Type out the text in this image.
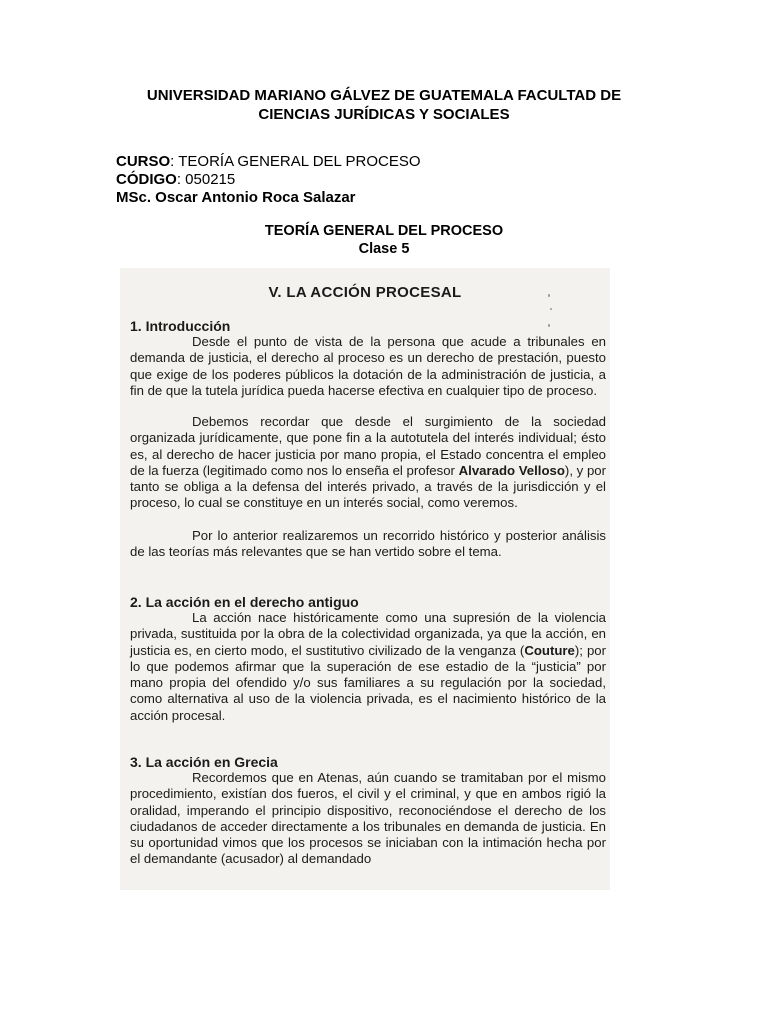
UNIVERSIDAD MARIANO GÁLVEZ DE GUATEMALA FACULTAD DE CIENCIAS JURÍDICAS Y SOCIALES
CURSO: TEORÍA GENERAL DEL PROCESO
CÓDIGO: 050215
MSc. Oscar Antonio Roca Salazar
TEORÍA GENERAL DEL PROCESO
Clase 5
V. LA ACCIÓN PROCESAL
1. Introducción
Desde el punto de vista de la persona que acude a tribunales en demanda de justicia, el derecho al proceso es un derecho de prestación, puesto que exige de los poderes públicos la dotación de la administración de justicia, a fin de que la tutela jurídica pueda hacerse efectiva en cualquier tipo de proceso.
Debemos recordar que desde el surgimiento de la sociedad organizada jurídicamente, que pone fin a la autotutela del interés individual; ésto es, al derecho de hacer justicia por mano propia, el Estado concentra el empleo de la fuerza (legitimado como nos lo enseña el profesor Alvarado Velloso), y por tanto se obliga a la defensa del interés privado, a través de la jurisdicción y el proceso, lo cual se constituye en un interés social, como veremos.
Por lo anterior realizaremos un recorrido histórico y posterior análisis de las teorías más relevantes que se han vertido sobre el tema.
2. La acción en el derecho antiguo
La acción nace históricamente como una supresión de la violencia privada, sustituida por la obra de la colectividad organizada, ya que la acción, en justicia es, en cierto modo, el sustitutivo civilizado de la venganza (Couture); por lo que podemos afirmar que la superación de ese estadio de la “justicia” por mano propia del ofendido y/o sus familiares a su regulación por la sociedad, como alternativa al uso de la violencia privada, es el nacimiento histórico de la acción procesal.
3. La acción en Grecia
Recordemos que en Atenas, aún cuando se tramitaban por el mismo procedimiento, existían dos fueros, el civil y el criminal, y que en ambos rigió la oralidad, imperando el principio dispositivo, reconociéndose el derecho de los ciudadanos de acceder directamente a los tribunales en demanda de justicia. En su oportunidad vimos que los procesos se iniciaban con la intimación hecha por el demandante (acusador) al demandado
